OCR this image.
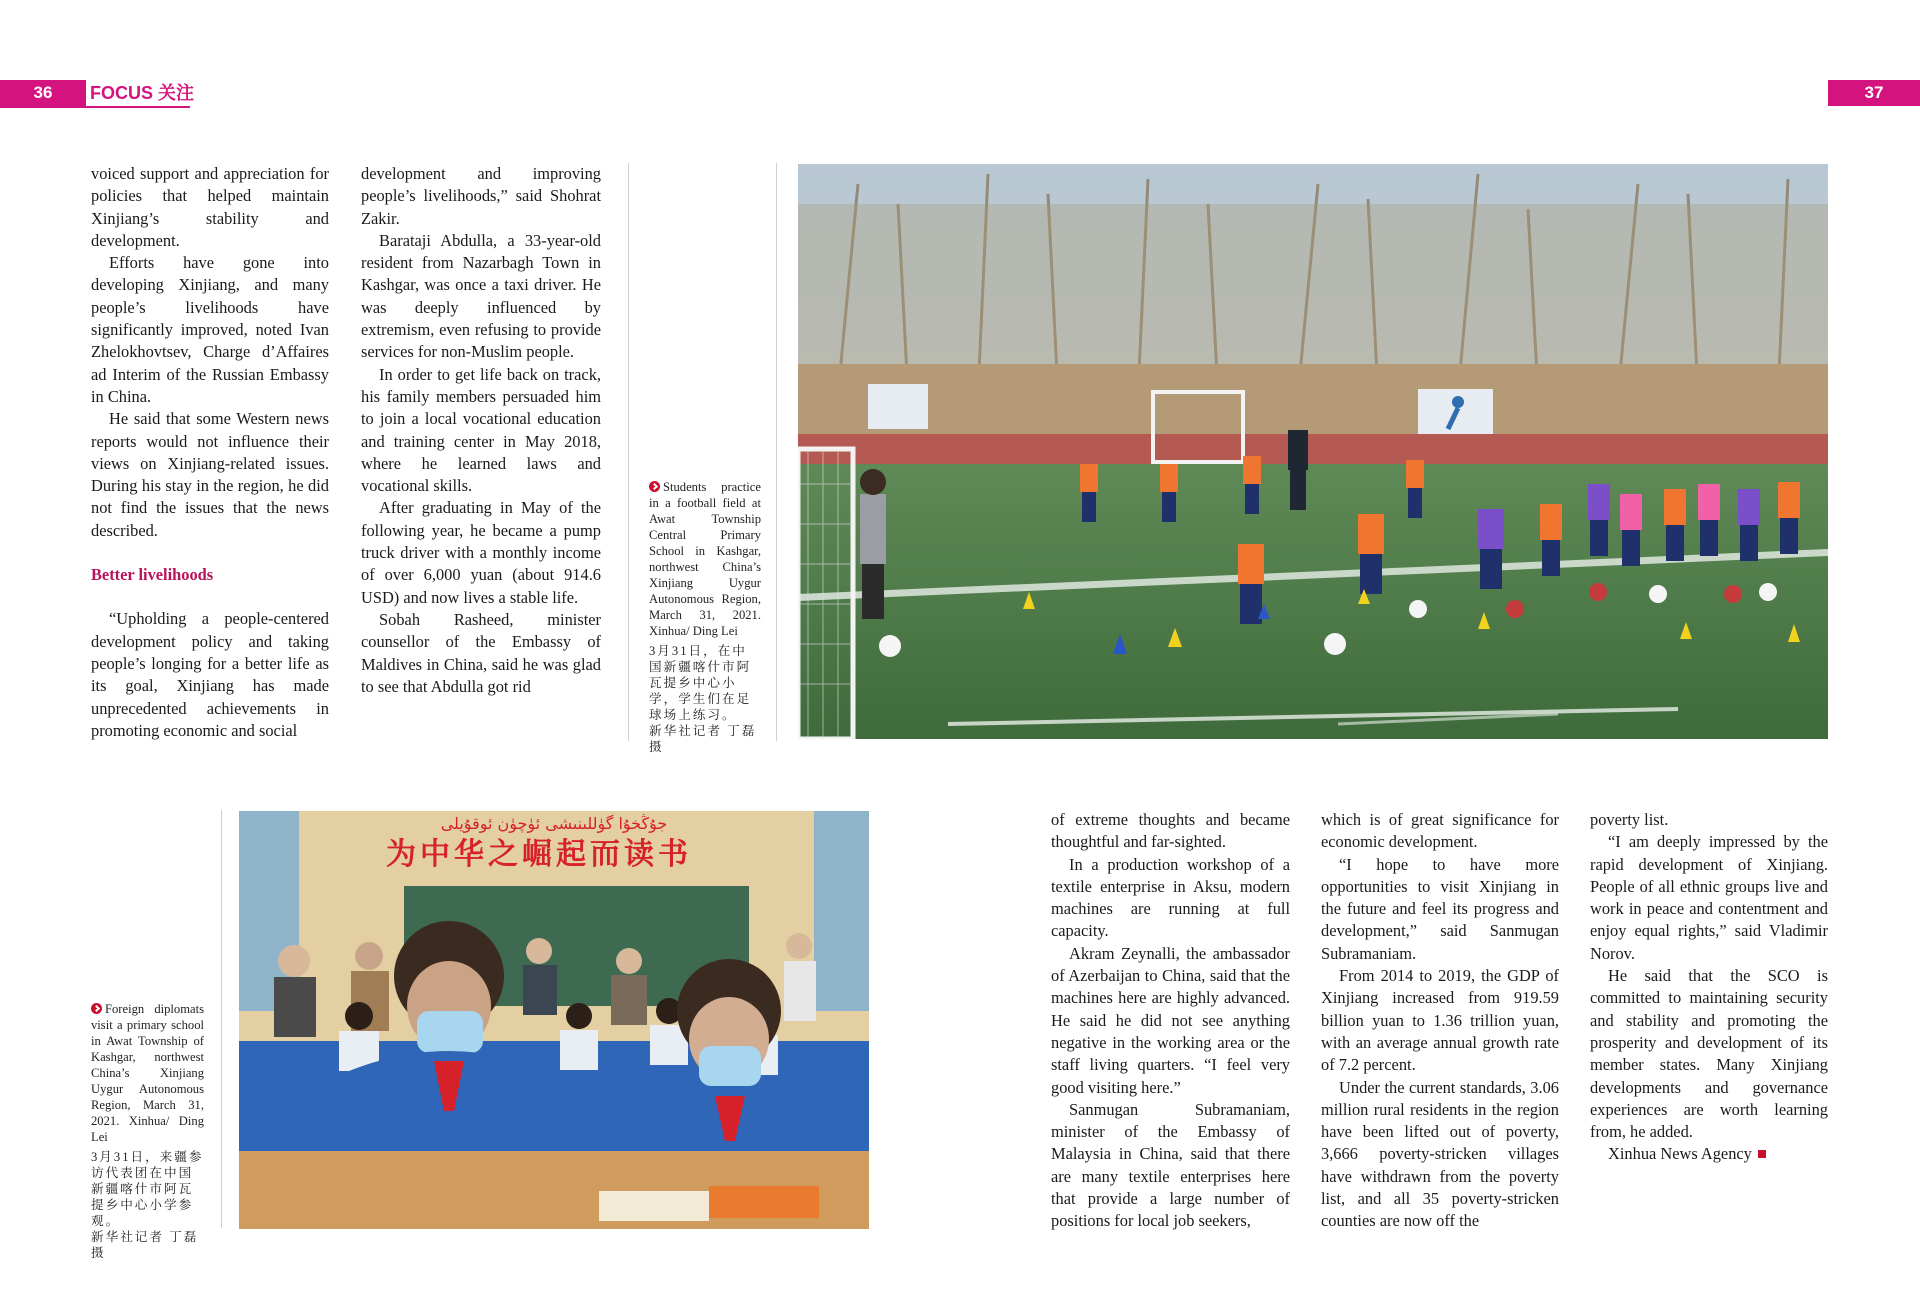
36	FOCUS 关注	37

voiced support and appreciation for policies that helped maintain Xinjiang’s stability and development.

Efforts have gone into developing Xinjiang, and many people’s livelihoods have significantly improved, noted Ivan Zhelokhovtsev, Charge d’Affaires ad Interim of the Russian Embassy in China.

He said that some Western news reports would not influence their views on Xinjiang-related issues. During his stay in the region, he did not find the issues that the news described.

Better livelihoods

“Upholding a people-centered development policy and taking people’s longing for a better life as its goal, Xinjiang has made unprecedented achievements in promoting economic and social

development and improving people’s livelihoods,” said Shohrat Zakir.

Barataji Abdulla, a 33-year-old resident from Nazarbagh Town in Kashgar, was once a taxi driver. He was deeply influenced by extremism, even refusing to provide services for non-Muslim people.

In order to get life back on track, his family members persuaded him to join a local vocational education and training center in May 2018, where he learned laws and vocational skills.

After graduating in May of the following year, he became a pump truck driver with a monthly income of over 6,000 yuan (about 914.6 USD) and now lives a stable life.

Sobah Rasheed, minister counsellor of the Embassy of Maldives in China, said he was glad to see that Abdulla got rid

Students practice in a football field at Awat Township Central Primary School in Kashgar, northwest China’s Xinjiang Uygur Autonomous Region, March 31, 2021. Xinhua/ Ding Lei
3月31日，在中国新疆喀什市阿瓦提乡中心小学，学生们在足球场上练习。
新华社记者 丁磊 摄
Foreign diplomats visit a primary school in Awat Township of Kashgar, northwest China’s Xinjiang Uygur Autonomous Region, March 31, 2021. Xinhua/ Ding Lei
3月31日，来疆参访代表团在中国新疆喀什市阿瓦提乡中心小学参观。
新华社记者 丁磊 摄
جۇڭخۇا گۈللىنىشى ئۈچۈن ئوقۇيلى
为中华之崛起而读书

of extreme thoughts and became thoughtful and far-sighted.

In a production workshop of a textile enterprise in Aksu, modern machines are running at full capacity.

Akram Zeynalli, the ambassador of Azerbaijan to China, said that the machines here are highly advanced. He said he did not see anything negative in the working area or the staff living quarters. “I feel very good visiting here.”

Sanmugan Subramaniam, minister of the Embassy of Malaysia in China, said that there are many textile enterprises here that provide a large number of positions for local job seekers,

which is of great significance for economic development.

“I hope to have more opportunities to visit Xinjiang in the future and feel its progress and development,” said Sanmugan Subramaniam.

From 2014 to 2019, the GDP of Xinjiang increased from 919.59 billion yuan to 1.36 trillion yuan, with an average annual growth rate of 7.2 percent.

Under the current standards, 3.06 million rural residents in the region have been lifted out of poverty, 3,666 poverty-stricken villages have withdrawn from the poverty list, and all 35 poverty-stricken counties are now off the

poverty list.

“I am deeply impressed by the rapid development of Xinjiang. People of all ethnic groups live and work in peace and contentment and enjoy equal rights,” said Vladimir Norov.

He said that the SCO is committed to maintaining security and stability and promoting the prosperity and development of its member states. Many Xinjiang developments and governance experiences are worth learning from, he added.

Xinhua News Agency
